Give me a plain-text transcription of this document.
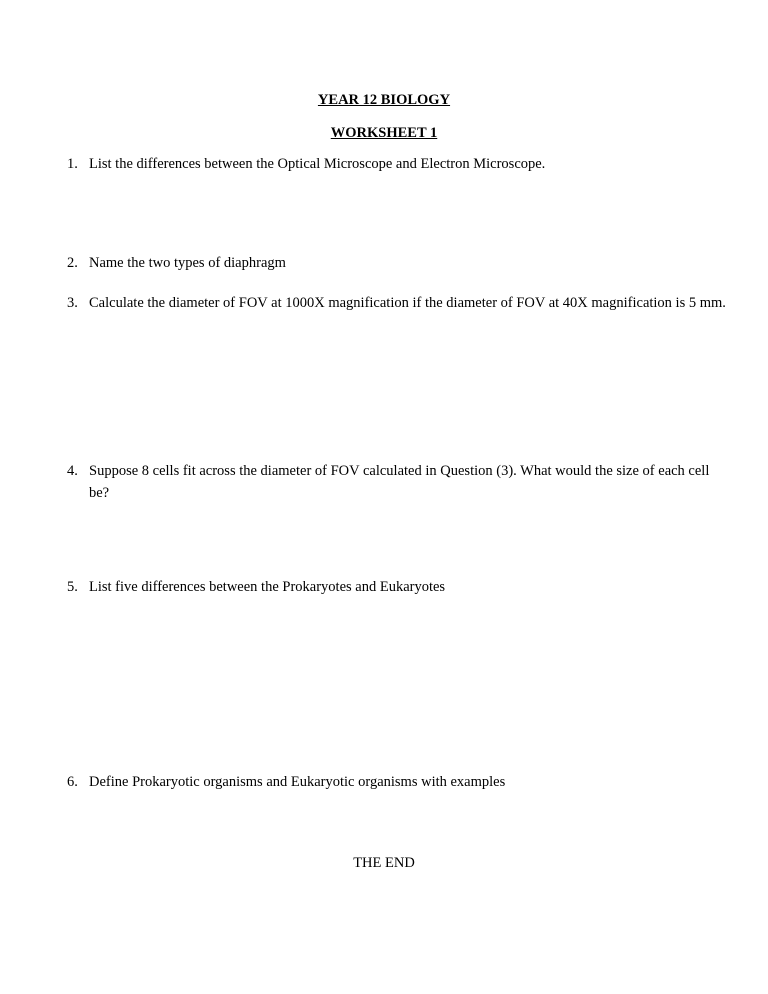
YEAR 12 BIOLOGY
WORKSHEET 1
1. List the differences between the Optical Microscope and Electron Microscope.
2. Name the two types of diaphragm
3. Calculate the diameter of FOV at 1000X magnification if the diameter of FOV at 40X magnification is 5 mm.
4. Suppose 8 cells fit across the diameter of FOV calculated in Question (3). What would the size of each cell be?
5. List five differences between the Prokaryotes and Eukaryotes
6. Define Prokaryotic organisms and Eukaryotic organisms with examples
THE END
